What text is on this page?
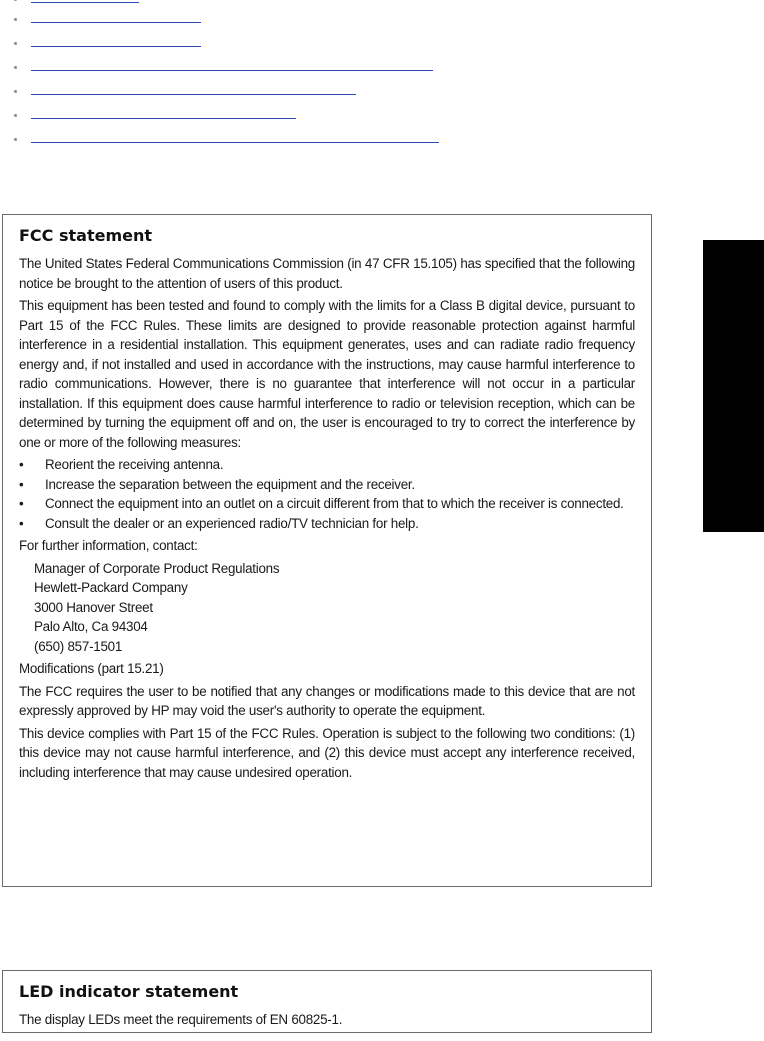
FCC statement

The United States Federal Communications Commission (in 47 CFR 15.105) has specified that the following notice be brought to the attention of users of this product.

This equipment has been tested and found to comply with the limits for a Class B digital device, pursuant to Part 15 of the FCC Rules. These limits are designed to provide reasonable protection against harmful interference in a residential installation. This equipment generates, uses and can radiate radio frequency energy and, if not installed and used in accordance with the instructions, may cause harmful interference to radio communications. However, there is no guarantee that interference will not occur in a particular installation. If this equipment does cause harmful interference to radio or television reception, which can be determined by turning the equipment off and on, the user is encouraged to try to correct the interference by one or more of the following measures:

• Reorient the receiving antenna.
• Increase the separation between the equipment and the receiver.
• Connect the equipment into an outlet on a circuit different from that to which the receiver is connected.
• Consult the dealer or an experienced radio/TV technician for help.

For further information, contact:

Manager of Corporate Product Regulations
Hewlett-Packard Company
3000 Hanover Street
Palo Alto, Ca 94304
(650) 857-1501

Modifications (part 15.21)

The FCC requires the user to be notified that any changes or modifications made to this device that are not expressly approved by HP may void the user's authority to operate the equipment.

This device complies with Part 15 of the FCC Rules. Operation is subject to the following two conditions: (1) this device may not cause harmful interference, and (2) this device must accept any interference received, including interference that may cause undesired operation.

LED indicator statement

The display LEDs meet the requirements of EN 60825-1.
